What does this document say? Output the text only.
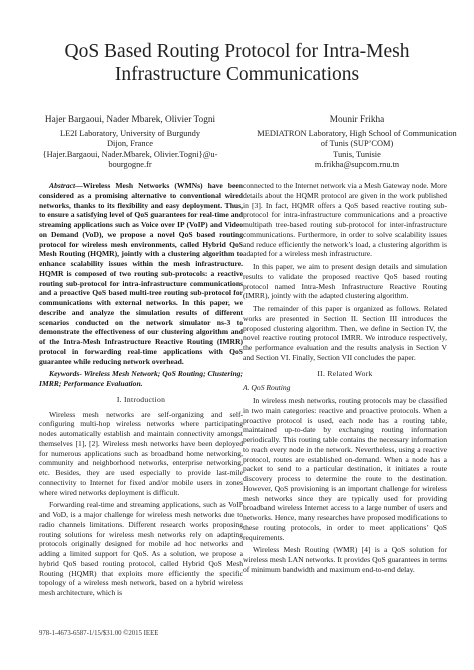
QoS Based Routing Protocol for Intra-Mesh
Infrastructure Communications
Hajer Bargaoui, Nader Mbarek, Olivier Togni
LE2I Laboratory, University of Burgundy
Dijon, France
{Hajer.Bargaoui, Nader.Mbarek, Olivier.Togni}@u-
bourgogne.fr
Mounir Frikha
MEDIATRON Laboratory, High School of Communication
of Tunis (SUP’COM)
Tunis, Tunisie
m.frikha@supcom.rnu.tn

Abstract—Wireless Mesh Networks (WMNs) have been considered as a promising alternative to conventional wired networks, thanks to its flexibility and easy deployment. Thus, to ensure a satisfying level of QoS guarantees for real-time and streaming applications such as Voice over IP (VoIP) and Video on Demand (VoD), we propose a novel QoS based routing protocol for wireless mesh environments, called Hybrid QoS Mesh Routing (HQMR), jointly with a clustering algorithm to enhance scalability issues within the mesh infrastructure. HQMR is composed of two routing sub-protocols: a reactive routing sub-protocol for intra-infrastructure communications and a proactive QoS based multi-tree routing sub-protocol for communications with external networks. In this paper, we describe and analyze the simulation results of different scenarios conducted on the network simulator ns-3 to demonstrate the effectiveness of our clustering algorithm and of the Intra-Mesh Infrastructure Reactive Routing (IMRR) protocol in forwarding real-time applications with QoS guarantee while reducing network overhead.

Keywords- Wireless Mesh Network; QoS Routing; Clustering; IMRR; Performance Evaluation.

I. Introduction

Wireless mesh networks are self-organizing and self-configuring multi-hop wireless networks where participating nodes automatically establish and maintain connectivity amongst themselves [1], [2]. Wireless mesh networks have been deployed for numerous applications such as broadband home networking, community and neighborhood networks, enterprise networking, etc. Besides, they are used especially to provide last-mile connectivity to Internet for fixed and/or mobile users in zones where wired networks deployment is difficult.

Forwarding real-time and streaming applications, such as VoIP and VoD, is a major challenge for wireless mesh networks due to radio channels limitations. Different research works proposing routing solutions for wireless mesh networks rely on adapting protocols originally designed for mobile ad hoc networks and adding a limited support for QoS. As a solution, we propose a hybrid QoS based routing protocol, called Hybrid QoS Mesh Routing (HQMR) that exploits more efficiently the specific topology of a wireless mesh network, based on a hybrid wireless mesh architecture, which is

connected to the Internet network via a Mesh Gateway node. More details about the HQMR protocol are given in the work published in [3]. In fact, HQMR offers a QoS based reactive routing sub-protocol for intra-infrastructure communications and a proactive multipath tree-based routing sub-protocol for inter-infrastructure communications. Furthermore, in order to solve scalability issues and reduce efficiently the network’s load, a clustering algorithm is adapted for a wireless mesh infrastructure.

In this paper, we aim to present design details and simulation results to validate the proposed reactive QoS based routing protocol named Intra-Mesh Infrastructure Reactive Routing (IMRR), jointly with the adapted clustering algorithm.

The remainder of this paper is organized as follows. Related works are presented in Section II. Section III introduces the proposed clustering algorithm. Then, we define in Section IV, the novel reactive routing protocol IMRR. We introduce respectively, the performance evaluation and the results analysis in Section V and Section VI. Finally, Section VII concludes the paper.

II. Related Work

A. QoS Routing

In wireless mesh networks, routing protocols may be classified in two main categories: reactive and proactive protocols. When a proactive protocol is used, each node has a routing table, maintained up-to-date by exchanging routing information periodically. This routing table contains the necessary information to reach every node in the network. Nevertheless, using a reactive protocol, routes are established on-demand. When a node has a packet to send to a particular destination, it initiates a route discovery process to determine the route to the destination. However, QoS provisioning is an important challenge for wireless mesh networks since they are typically used for providing broadband wireless Internet access to a large number of users and networks. Hence, many researches have proposed modifications to these routing protocols, in order to meet applications’ QoS requirements.

Wireless Mesh Routing (WMR) [4] is a QoS solution for wireless mesh LAN networks. It provides QoS guarantees in terms of minimum bandwidth and maximum end-to-end delay.

978-1-4673-6587-1/15/$31.00 ©2015 IEEE
